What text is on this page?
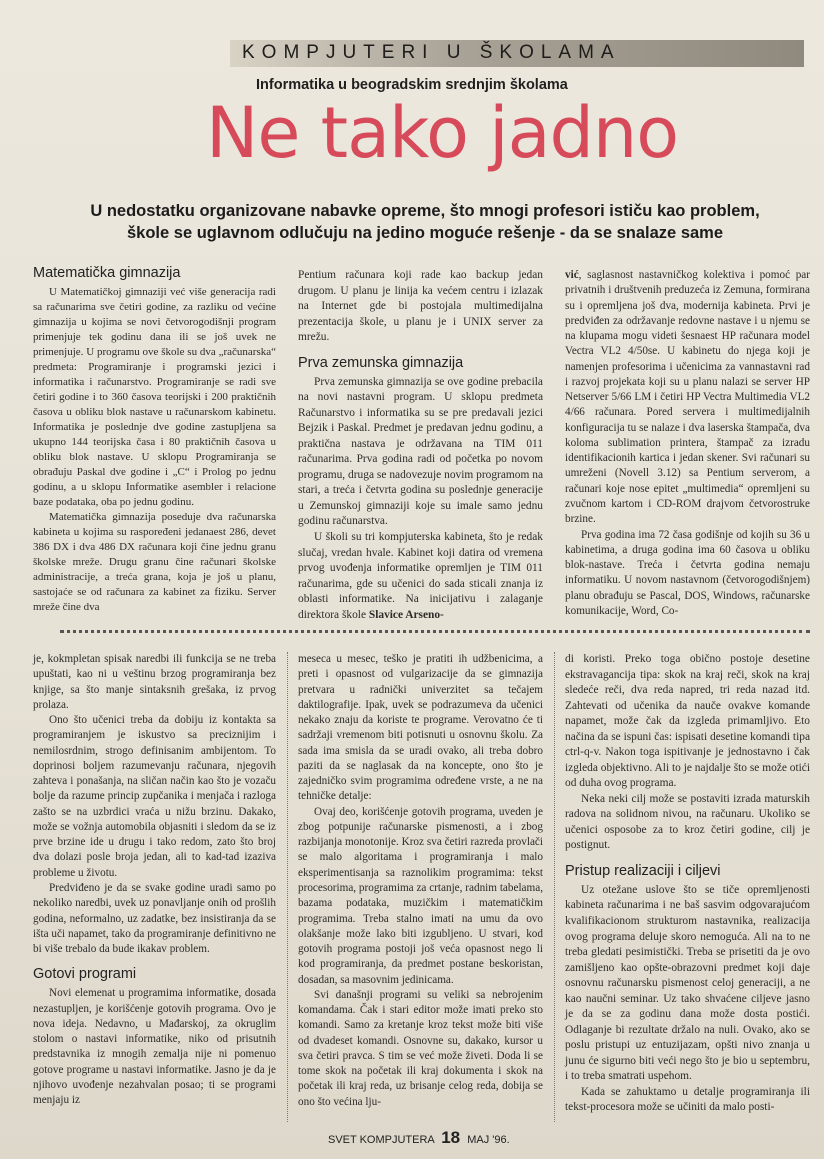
KOMPJUTERI U ŠKOLAMA
Informatika u beogradskim srednjim školama
Ne tako jadno
U nedostatku organizovane nabavke opreme, što mnogi profesori ističu kao problem,
škole se uglavnom odlučuju na jedino moguće rešenje - da se snalaze same
Matematička gimnazija

U Matematičkoj gimnaziji već više generacija radi sa računarima sve četiri godine, za razliku od većine gimnazija u kojima se novi četvorogodišnji program primenjuje tek godinu dana ili se još uvek ne primenjuje. U programu ove škole su dva „računarska“ predmeta: Programiranje i programski jezici i informatika i računarstvo. Programiranje se radi sve četiri godine i to 360 časova teorijski i 200 praktičnih časova u obliku blok nastave u računarskom kabinetu. Informatika je poslednje dve godine zastupljena sa ukupno 144 teorijska časa i 80 praktičnih časova u obliku blok nastave. U sklopu Programiranja se obrađuju Paskal dve godine i „C“ i Prolog po jednu godinu, a u sklopu Informatike asembler i relacione baze podataka, oba po jednu godinu.

Matematička gimnazija poseduje dva računarska kabineta u kojima su raspoređeni jedanaest 286, devet 386 DX i dva 486 DX računara koji čine jednu granu školske mreže. Drugu granu čine računari školske administracije, a treća grana, koja je još u planu, sastojaće se od računara za kabinet za fiziku. Server mreže čine dva

Pentium računara koji rade kao backup jedan drugom. U planu je linija ka većem centru i izlazak na Internet gde bi postojala multimedijalna prezentacija škole, u planu je i UNIX server za mrežu.

Prva zemunska gimnazija

Prva zemunska gimnazija se ove godine prebacila na novi nastavni program. U sklopu predmeta Računarstvo i informatika su se pre predavali jezici Bejzik i Paskal. Predmet je predavan jednu godinu, a praktična nastava je održavana na TIM 011 računarima. Prva godina radi od početka po novom programu, druga se nadovezuje novim programom na stari, a treća i četvrta godina su poslednje generacije u Zemunskoj gimnaziji koje su imale samo jednu godinu računarstva.

U školi su tri kompjuterska kabineta, što je redak slučaj, vredan hvale. Kabinet koji datira od vremena prvog uvođenja informatike opremljen je TIM 011 računarima, gde su učenici do sada sticali znanja iz oblasti informatike. Na inicijativu i zalaganje direktora škole Slavice Arseno-

vić, saglasnost nastavničkog kolektiva i pomoć par privatnih i društvenih preduzeća iz Zemuna, formirana su i opremljena još dva, modernija kabineta. Prvi je predviđen za održavanje redovne nastave i u njemu se na klupama mogu videti šesnaest HP računara model Vectra VL2 4/50se. U kabinetu do njega koji je namenjen profesorima i učenicima za vannastavni rad i razvoj projekata koji su u planu nalazi se server HP Netserver 5/66 LM i četiri HP Vectra Multimedia VL2 4/66 računara. Pored servera i multimedijalnih konfiguracija tu se nalaze i dva laserska štampača, dva koloma sublimation printera, štampač za izradu identifikacionih kartica i jedan skener. Svi računari su umreženi (Novell 3.12) sa Pentium serverom, a računari koje nose epitet „multimedia“ opremljeni su zvučnom kartom i CD-ROM drajvom četvorostruke brzine.

Prva godina ima 72 časa godišnje od kojih su 36 u kabinetima, a druga godina ima 60 časova u obliku blok-nastave. Treća i četvrta godina nemaju informatiku. U novom nastavnom (četvorogodišnjem) planu obrađuju se Pascal, DOS, Windows, računarske komunikacije, Word, Co-

je, kokmpletan spisak naredbi ili funkcija se ne treba upuštati, kao ni u veštinu brzog programiranja bez knjige, sa što manje sintaksnih grešaka, iz prvog prolaza.

Ono što učenici treba da dobiju iz kontakta sa programiranjem je iskustvo sa preciznijim i nemilosrdnim, strogo definisanim ambijentom. To doprinosi boljem razumevanju računara, njegovih zahteva i ponašanja, na sličan način kao što je vozaču bolje da razume princip zupčanika i menjača i razloga zašto se na uzbrdici vraća u nižu brzinu. Dakako, može se vožnja automobila objasniti i sledom da se iz prve brzine ide u drugu i tako redom, zato što broj dva dolazi posle broja jedan, ali to kad-tad izaziva probleme u životu.

Predviđeno je da se svake godine uradi samo po nekoliko naredbi, uvek uz ponavljanje onih od prošlih godina, neformalno, uz zadatke, bez insistiranja da se išta uči napamet, tako da programiranje definitivno ne bi više trebalo da bude ikakav problem.

Gotovi programi

Novi elemenat u programima informatike, dosada nezastupljen, je korišćenje gotovih programa. Ovo je nova ideja. Nedavno, u Mađarskoj, za okruglim stolom o nastavi informatike, niko od prisutnih predstavnika iz mnogih zemalja nije ni pomenuo gotove programe u nastavi informatike. Jasno je da je njihovo uvođenje nezahvalan posao; ti se programi menjaju iz

meseca u mesec, teško je pratiti ih udžbenicima, a preti i opasnost od vulgarizacije da se gimnazija pretvara u radnički univerzitet sa tečajem daktilografije. Ipak, uvek se podrazumeva da učenici nekako znaju da koriste te programe. Verovatno će ti sadržaji vremenom biti potisnuti u osnovnu školu. Za sada ima smisla da se uradi ovako, ali treba dobro paziti da se naglasak da na koncepte, ono što je zajedničko svim programima određene vrste, a ne na tehničke detalje:

Ovaj deo, korišćenje gotovih programa, uveden je zbog potpunije računarske pismenosti, a i zbog razbijanja monotonije. Kroz sva četiri razreda provlači se malo algoritama i programiranja i malo eksperimentisanja sa raznolikim programima: tekst procesorima, programima za crtanje, radnim tabelama, bazama podataka, muzičkim i matematičkim programima. Treba stalno imati na umu da ovo olakšanje može lako biti izgubljeno. U stvari, kod gotovih programa postoji još veća opasnost nego li kod programiranja, da predmet postane beskoristan, dosadan, sa masovnim jedinicama.

Svi današnji programi su veliki sa nebrojenim komandama. Čak i stari editor može imati preko sto komandi. Samo za kretanje kroz tekst može biti više od dvadeset komandi. Osnovne su, dakako, kursor u sva četiri pravca. S tim se već može živeti. Doda li se tome skok na početak ili kraj dokumenta i skok na početak ili kraj reda, uz brisanje celog reda, dobija se ono što većina lju-

di koristi. Preko toga obično postoje desetine ekstravagancija tipa: skok na kraj reči, skok na kraj sledeće reči, dva reda napred, tri reda nazad itd. Zahtevati od učenika da nauče ovakve komande napamet, može čak da izgleda primamljivo. Eto načina da se ispuni čas: ispisati desetine komandi tipa ctrl-q-v. Nakon toga ispitivanje je jednostavno i čak izgleda objektivno. Ali to je najdalje što se može otići od duha ovog programa.

Neka neki cilj može se postaviti izrada maturskih radova na solidnom nivou, na računaru. Ukoliko se učenici osposobe za to kroz četiri godine, cilj je postignut.

Pristup realizaciji i ciljevi

Uz otežane uslove što se tiče opremljenosti kabineta računarima i ne baš sasvim odgovarajućom kvalifikacionom strukturom nastavnika, realizacija ovog programa deluje skoro nemoguća. Ali na to ne treba gledati pesimistički. Treba se prisetiti da je ovo zamišljeno kao opšte-obrazovni predmet koji daje osnovnu računarsku pismenost celoj generaciji, a ne kao naučni seminar. Uz tako shvaćene ciljeve jasno je da se za godinu dana može dosta postići. Odlaganje bi rezultate držalo na nuli. Ovako, ako se poslu pristupi uz entuzijazam, opšti nivo znanja u junu će sigurno biti veći nego što je bio u septembru, i to treba smatrati uspehom.

Kada se zahuktamo u detalje programiranja ili tekst-procesora može se učiniti da malo posti-

SVET KOMPJUTERA 18 MAJ '96.
